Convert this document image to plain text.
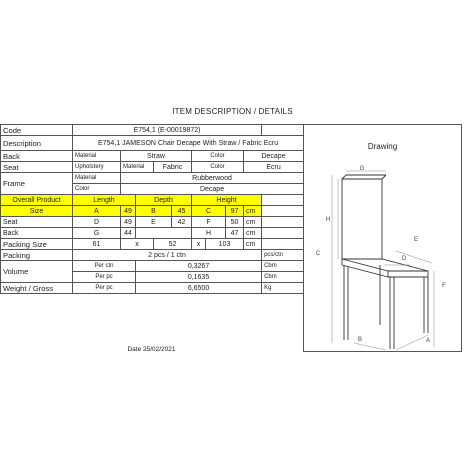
ITEM DESCRIPTION / DETAILS
Code	E754,1 (E-00019872)									
Description	E754,1 JAMESON Chair Decape With Straw / Fabric Ecru									
Back	Material	Straw				Color			Decape	
Seat	Upholstery	Material		Fabric		Color			Ecru	
Frame	Material	Rubberwood								
	Color	Decape								
Overall Product	Length		Depth			Height				
Size	A	49	B		45	C		97	cm	
Seat	D	49	E		42	F		50	cm	
Back	G	44				H		47	cm	
Packing Size	61	x		52		x	103		cm	
Packing	2 pcs / 1 ctn									pcs/ctn
Volume	Per ctn		0,3267							Cbm
	Per pc		0,1635							Cbm
Weight / Gross	Per pc		6,6500							Kg
Date 25/02/2021
Drawing
G
H
C
E
D
F
A
B
